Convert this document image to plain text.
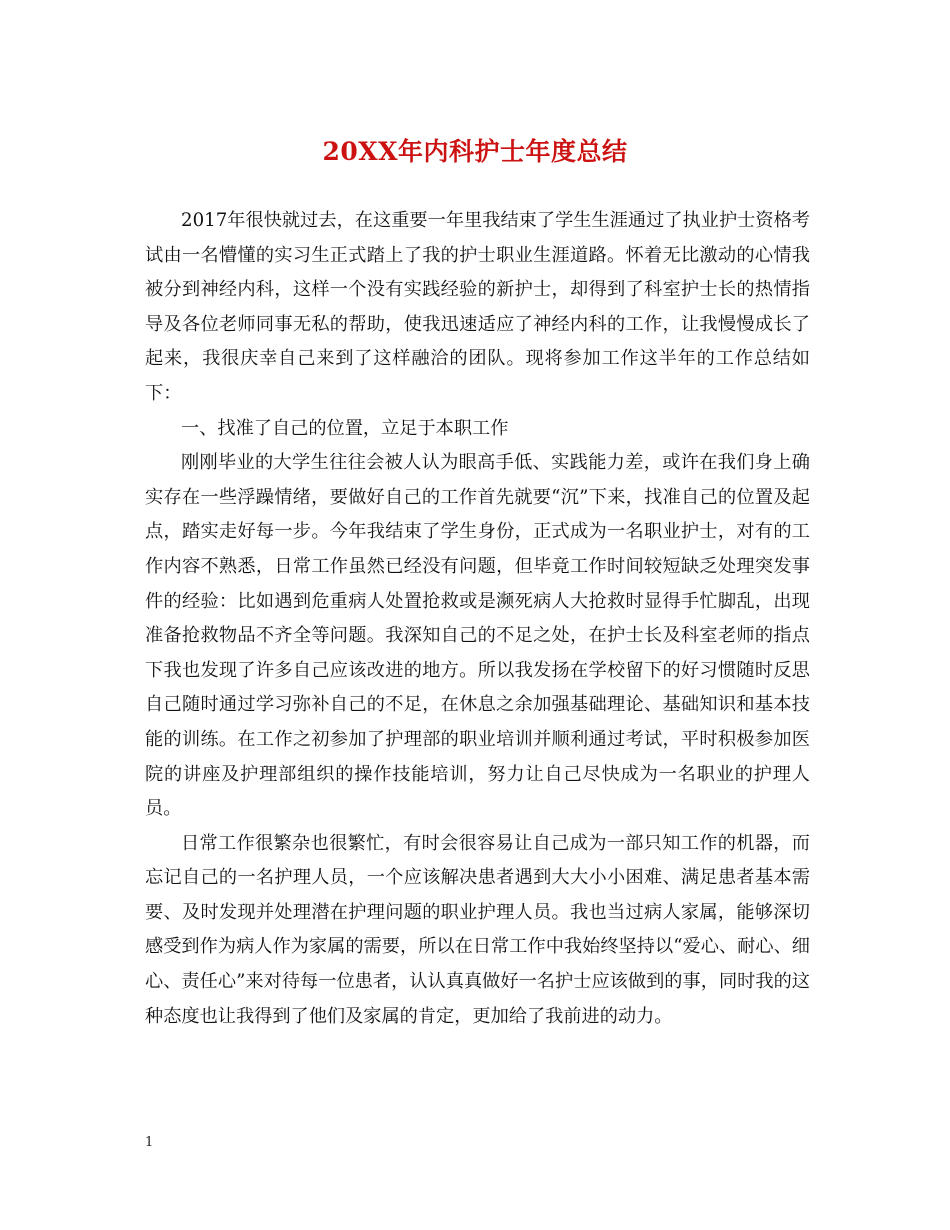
20XX年内科护士年度总结

2017年很快就过去，在这重要一年里我结束了学生生涯通过了执业护士资格考试由一名懵懂的实习生正式踏上了我的护士职业生涯道路。怀着无比激动的心情我被分到神经内科，这样一个没有实践经验的新护士，却得到了科室护士长的热情指导及各位老师同事无私的帮助，使我迅速适应了神经内科的工作，让我慢慢成长了起来，我很庆幸自己来到了这样融洽的团队。现将参加工作这半年的工作总结如下：

一、找准了自己的位置，立足于本职工作

刚刚毕业的大学生往往会被人认为眼高手低、实践能力差，或许在我们身上确实存在一些浮躁情绪，要做好自己的工作首先就要“沉”下来，找准自己的位置及起点，踏实走好每一步。今年我结束了学生身份，正式成为一名职业护士，对有的工作内容不熟悉，日常工作虽然已经没有问题，但毕竟工作时间较短缺乏处理突发事件的经验：比如遇到危重病人处置抢救或是濒死病人大抢救时显得手忙脚乱，出现准备抢救物品不齐全等问题。我深知自己的不足之处，在护士长及科室老师的指点下我也发现了许多自己应该改进的地方。所以我发扬在学校留下的好习惯随时反思自己随时通过学习弥补自己的不足，在休息之余加强基础理论、基础知识和基本技能的训练。在工作之初参加了护理部的职业培训并顺利通过考试，平时积极参加医院的讲座及护理部组织的操作技能培训，努力让自己尽快成为一名职业的护理人员。

日常工作很繁杂也很繁忙，有时会很容易让自己成为一部只知工作的机器，而忘记自己的一名护理人员，一个应该解决患者遇到大大小小困难、满足患者基本需要、及时发现并处理潜在护理问题的职业护理人员。我也当过病人家属，能够深切感受到作为病人作为家属的需要，所以在日常工作中我始终坚持以“爱心、耐心、细心、责任心”来对待每一位患者，认认真真做好一名护士应该做到的事，同时我的这种态度也让我得到了他们及家属的肯定，更加给了我前进的动力。

1
